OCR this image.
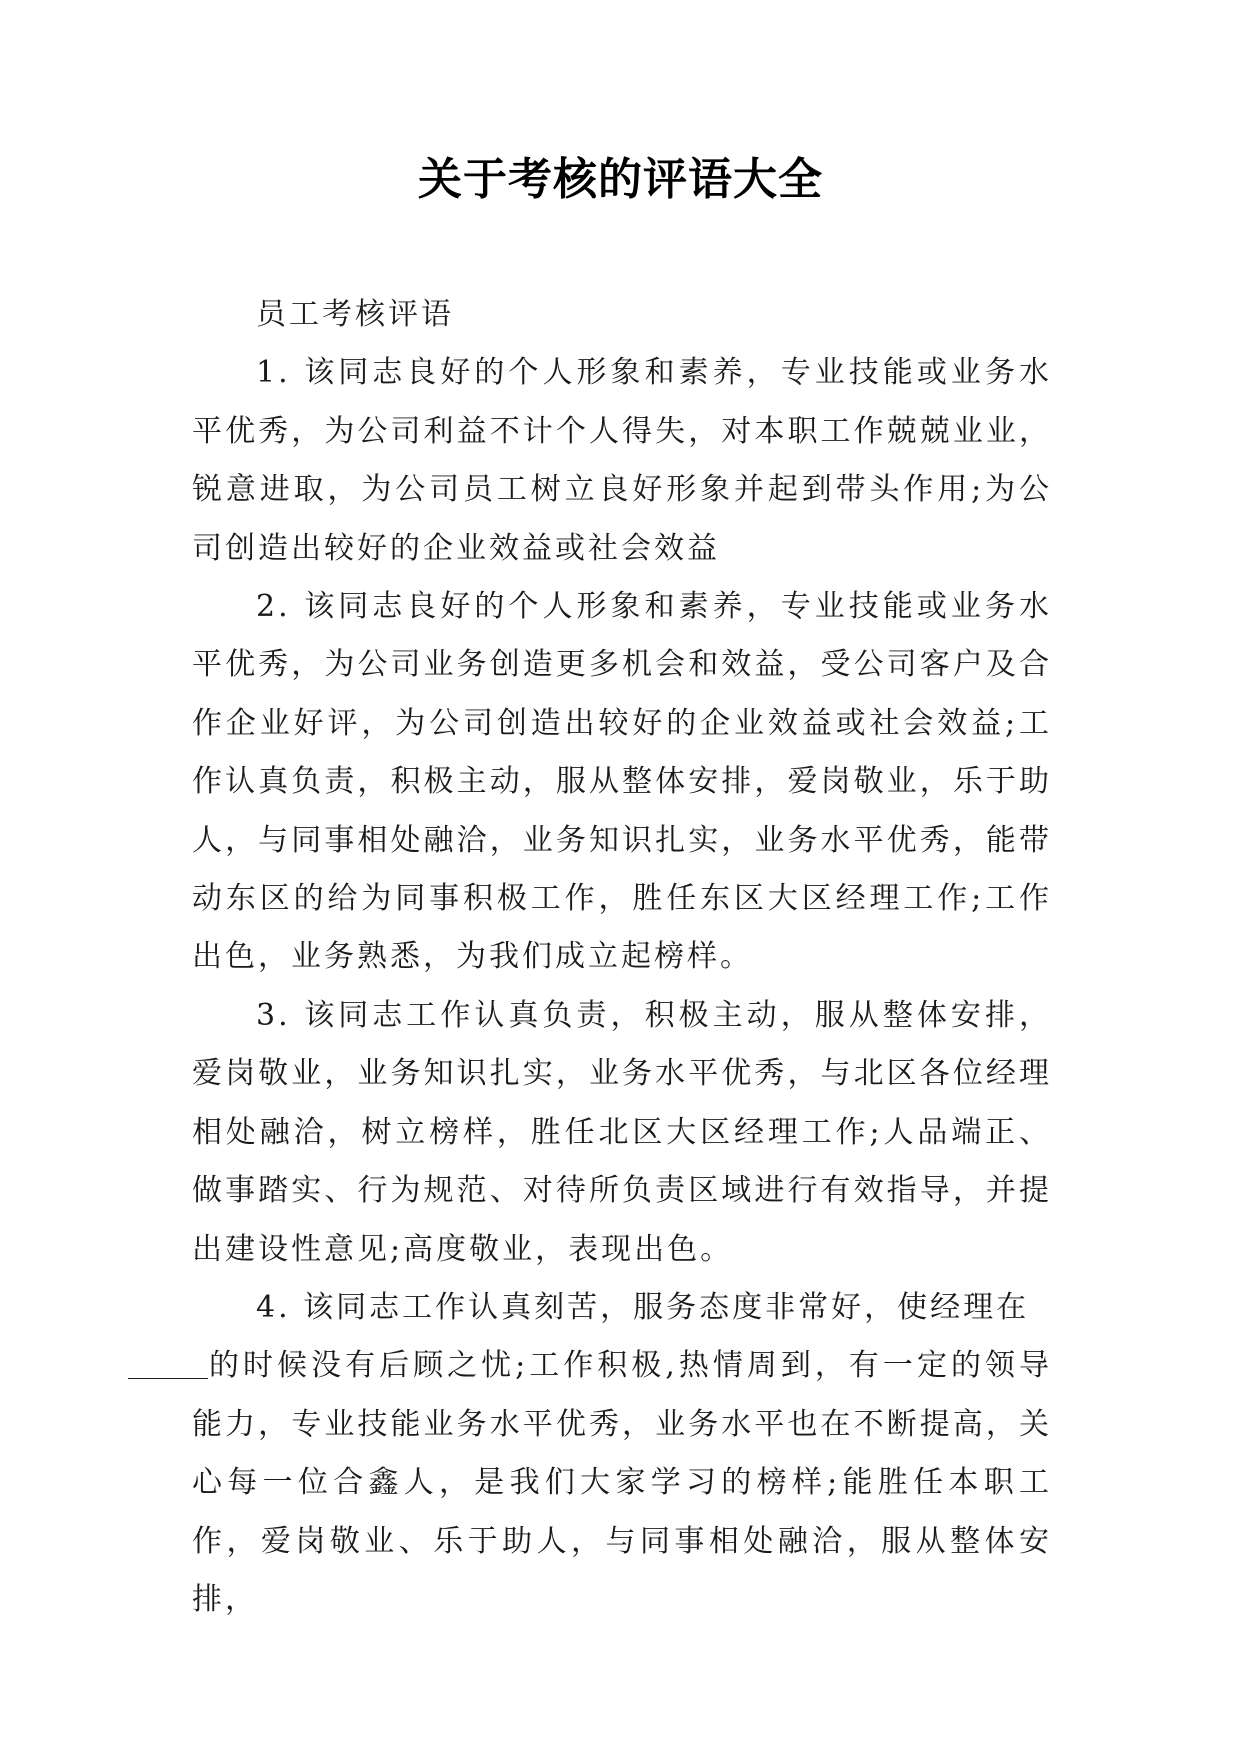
关于考核的评语大全

员工考核评语

1. 该同志良好的个人形象和素养，专业技能或业务水平优秀，为公司利益不计个人得失，对本职工作兢兢业业，锐意进取，为公司员工树立良好形象并起到带头作用;为公司创造出较好的企业效益或社会效益

2. 该同志良好的个人形象和素养，专业技能或业务水平优秀，为公司业务创造更多机会和效益，受公司客户及合作企业好评，为公司创造出较好的企业效益或社会效益;工作认真负责，积极主动，服从整体安排，爱岗敬业，乐于助人，与同事相处融洽，业务知识扎实，业务水平优秀，能带动东区的给为同事积极工作，胜任东区大区经理工作;工作出色，业务熟悉，为我们成立起榜样。

3. 该同志工作认真负责，积极主动，服从整体安排，爱岗敬业，业务知识扎实，业务水平优秀，与北区各位经理相处融洽，树立榜样，胜任北区大区经理工作;人品端正、做事踏实、行为规范、对待所负责区域进行有效指导，并提出建设性意见;高度敬业，表现出色。

4. 该同志工作认真刻苦，服务态度非常好，使经理在
的时候没有后顾之忧;工作积极,热情周到，有一定的领导能力，专业技能业务水平优秀，业务水平也在不断提高，关心每一位合鑫人，是我们大家学习的榜样;能胜任本职工作，爱岗敬业、乐于助人，与同事相处融洽，服从整体安排，
